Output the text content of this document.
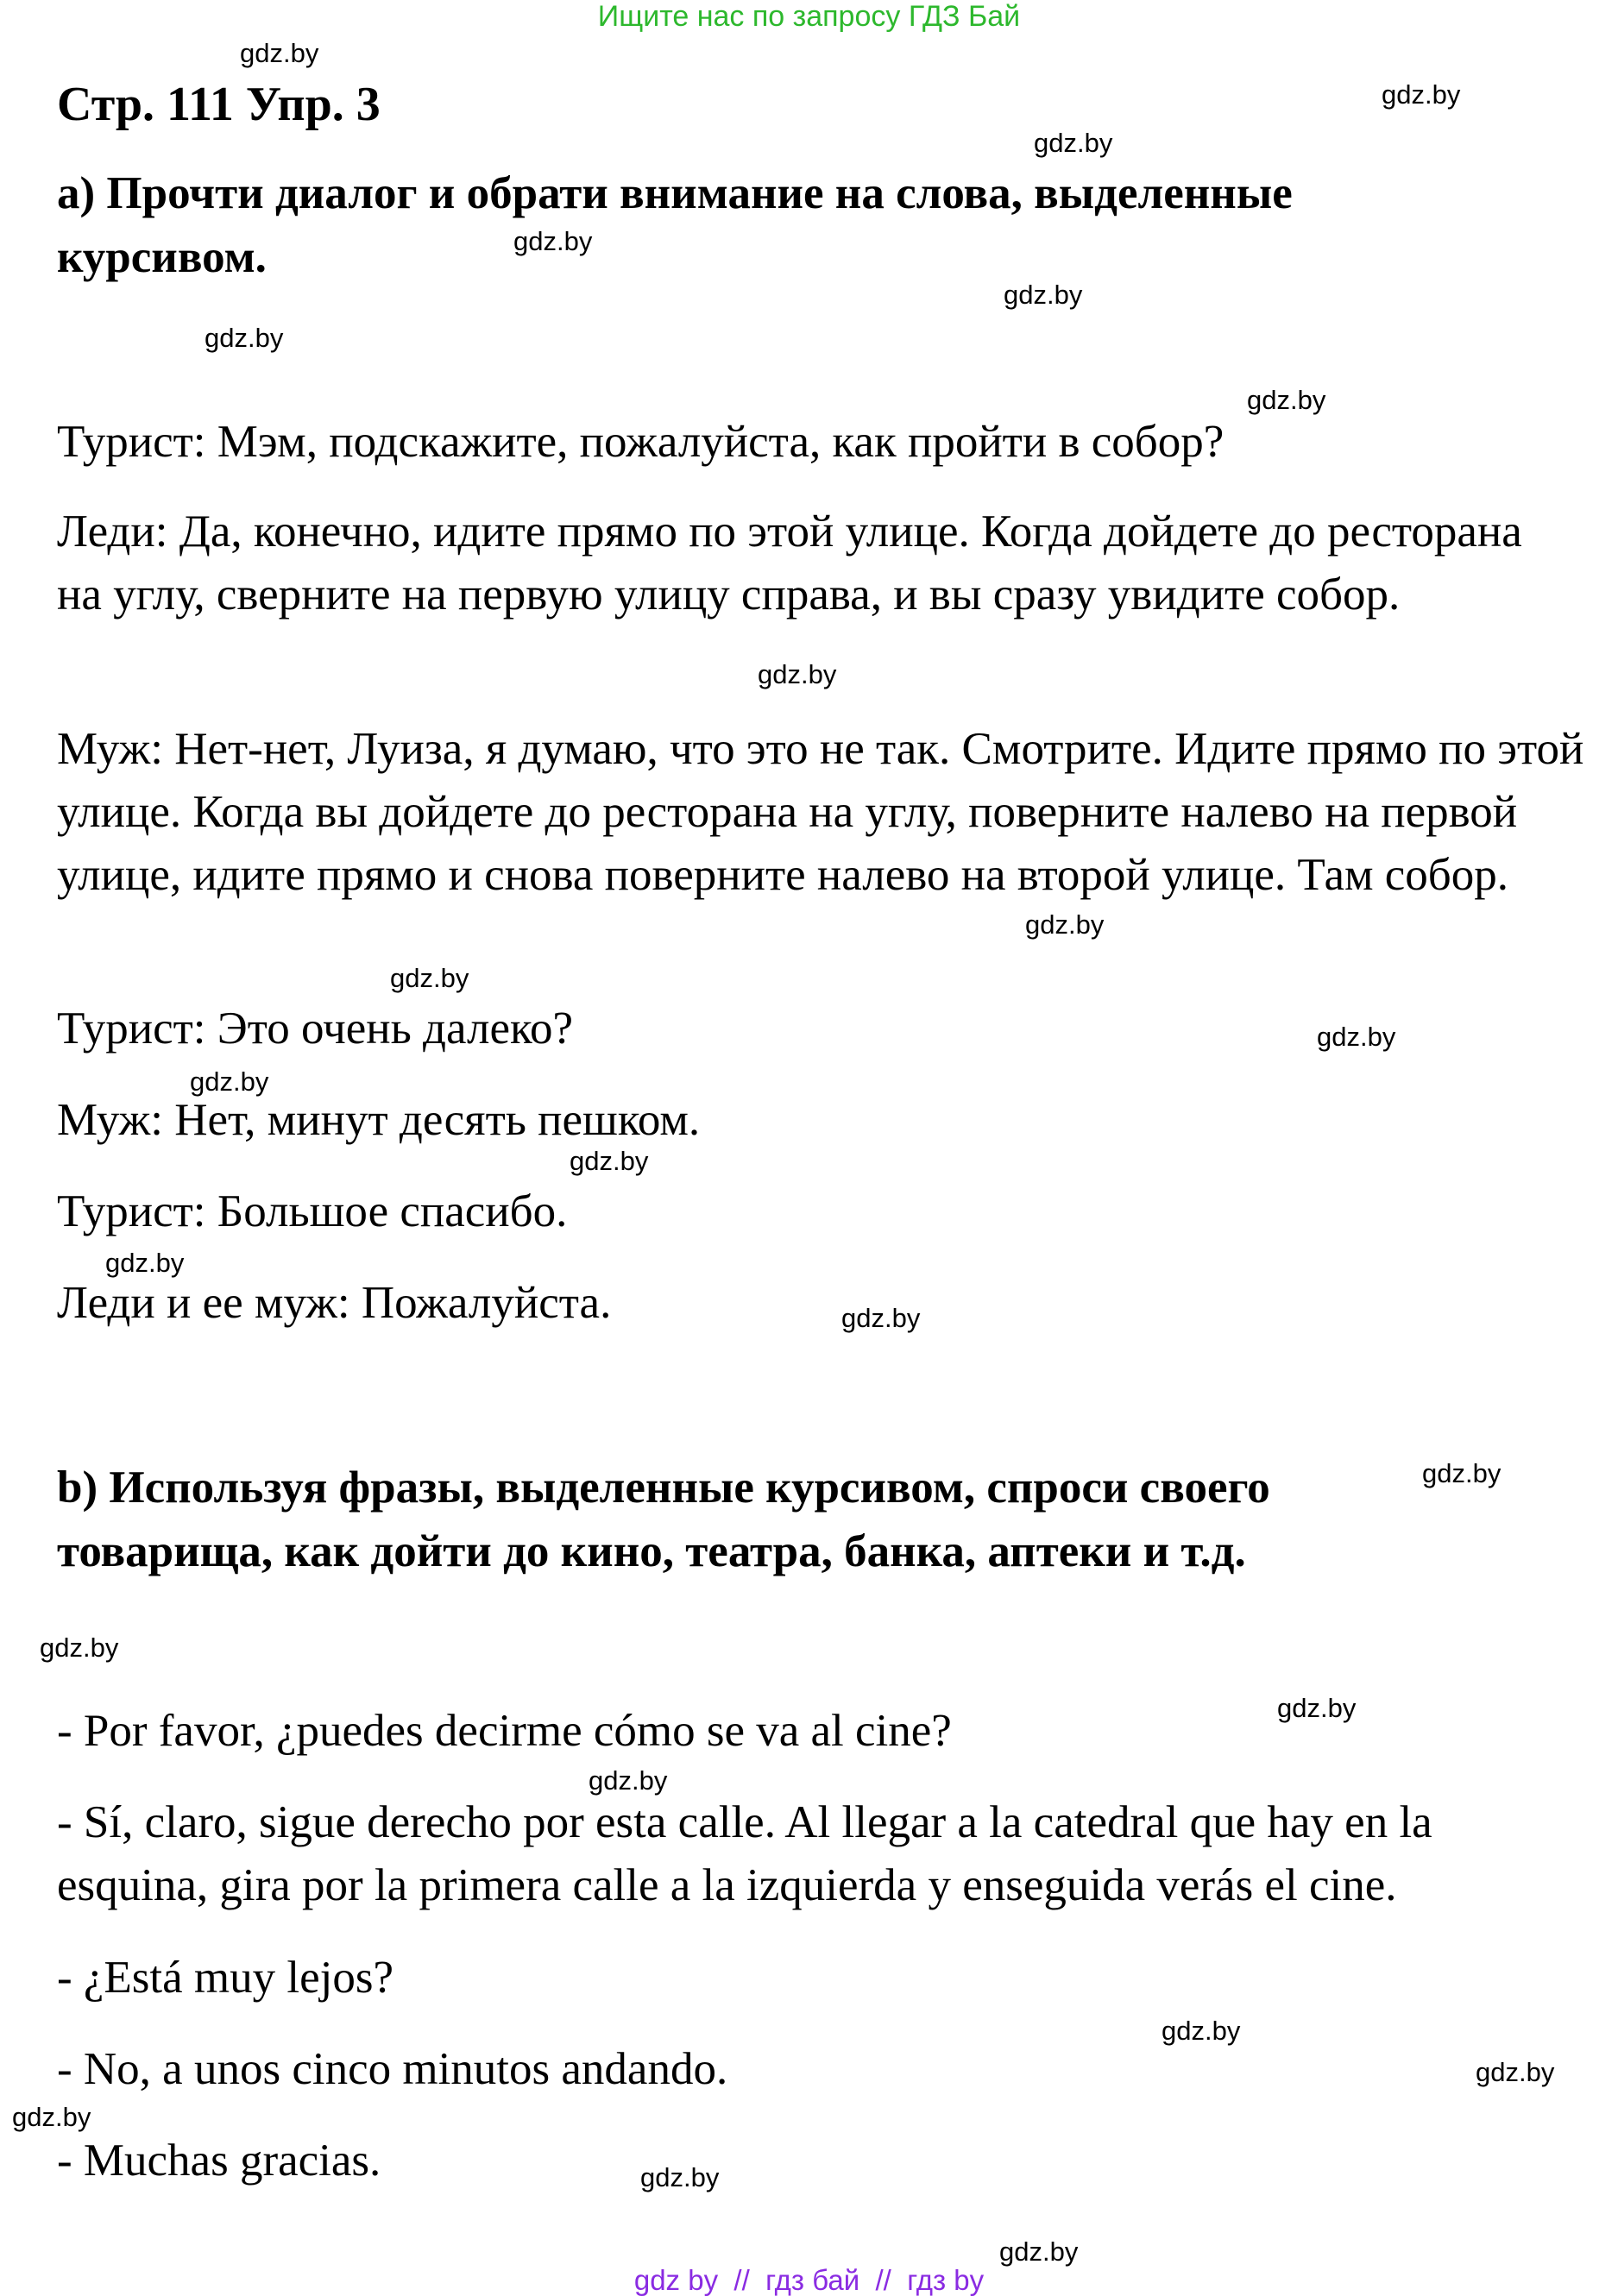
Ищите нас по запросу ГДЗ Бай
Стр. 111 Упр. 3
a) Прочти диалог и обрати внимание на слова, выделенные
курсивом.
Турист: Мэм, подскажите, пожалуйста, как пройти в собор?
Леди: Да, конечно, идите прямо по этой улице. Когда дойдете до ресторана на углу, сверните на первую улицу справа, и вы сразу увидите собор.
Муж: Нет-нет, Луиза, я думаю, что это не так. Смотрите. Идите прямо по этой улице. Когда вы дойдете до ресторана на углу, поверните налево на первой улице, идите прямо и снова поверните налево на второй улице. Там собор.
Турист: Это очень далеко?
Муж: Нет, минут десять пешком.
Турист: Большое спасибо.
Леди и ее муж: Пожалуйста.
b) Используя фразы, выделенные курсивом, спроси своего
товарища, как дойти до кино, театра, банка, аптеки и т.д.
- Por favor, ¿puedes decirme cómo se va al cine?
- Sí, claro, sigue derecho por esta calle. Al llegar a la catedral que hay en la esquina, gira por la primera calle a la izquierda y enseguida verás el cine.
- ¿Está muy lejos?
- No, a unos cinco minutos andando.
- Muchas gracias.
gdz.by
gdz.by
gdz.by
gdz.by
gdz.by
gdz.by
gdz.by
gdz.by
gdz.by
gdz.by
gdz.by
gdz.by
gdz.by
gdz.by
gdz.by
gdz.by
gdz.by
gdz.by
gdz.by
gdz.by
gdz.by
gdz.by
gdz.by
gdz.by
gdz by // гдз бай // гдз by
